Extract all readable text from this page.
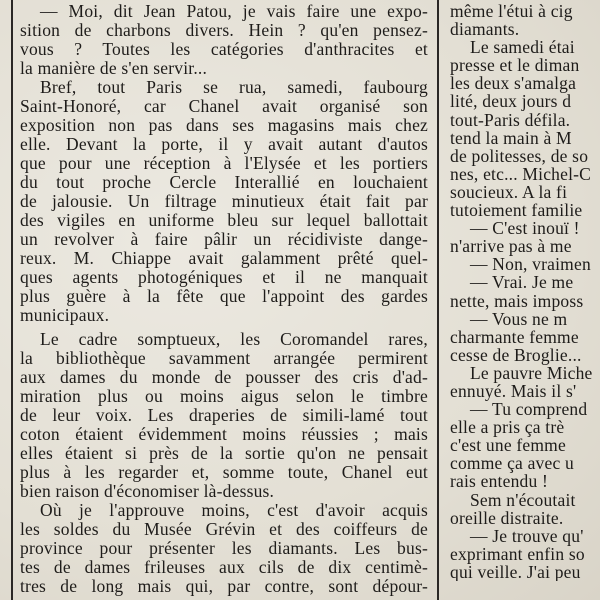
— Moi, dit Jean Patou, je vais faire une expo-
sition de charbons divers. Hein ? qu'en pensez-
vous ? Toutes les catégories d'anthracites et
la manière de s'en servir...
Bref, tout Paris se rua, samedi, faubourg
Saint-Honoré, car Chanel avait organisé son
exposition non pas dans ses magasins mais chez
elle. Devant la porte, il y avait autant d'autos
que pour une réception à l'Elysée et les portiers
du tout proche Cercle Interallié en louchaient
de jalousie. Un filtrage minutieux était fait par
des vigiles en uniforme bleu sur lequel ballottait
un revolver à faire pâlir un récidiviste dange-
reux. M. Chiappe avait galamment prêté quel-
ques agents photogéniques et il ne manquait
plus guère à la fête que l'appoint des gardes
municipaux.
Le cadre somptueux, les Coromandel rares,
la bibliothèque savamment arrangée permirent
aux dames du monde de pousser des cris d'ad-
miration plus ou moins aigus selon le timbre
de leur voix. Les draperies de simili-lamé tout
coton étaient évidemment moins réussies ; mais
elles étaient si près de la sortie qu'on ne pensait
plus à les regarder et, somme toute, Chanel eut
bien raison d'économiser là-dessus.
Où je l'approuve moins, c'est d'avoir acquis
les soldes du Musée Grévin et des coiffeurs de
province pour présenter les diamants. Les bus-
tes de dames frileuses aux cils de dix centimè-
tres de long mais qui, par contre, sont dépour-
même l'étui à cig
diamants.
Le samedi étai
presse et le diman
les deux s'amalga
lité, deux jours d
tout-Paris défila.
tend la main à M
de politesses, de so
nes, etc... Michel-C
soucieux. A la fi
tutoiement familie
— C'est inouï !
n'arrive pas à me
— Non, vraimen
— Vrai. Je me
nette, mais imposs
— Vous ne m
charmante femme
cesse de Broglie...
Le pauvre Miche
ennuyé. Mais il s'
— Tu comprend
elle a pris ça trè
c'est une femme
comme ça avec u
rais entendu !
Sem n'écoutait
oreille distraite.
— Je trouve qu'
exprimant enfin so
qui veille. J'ai peu
